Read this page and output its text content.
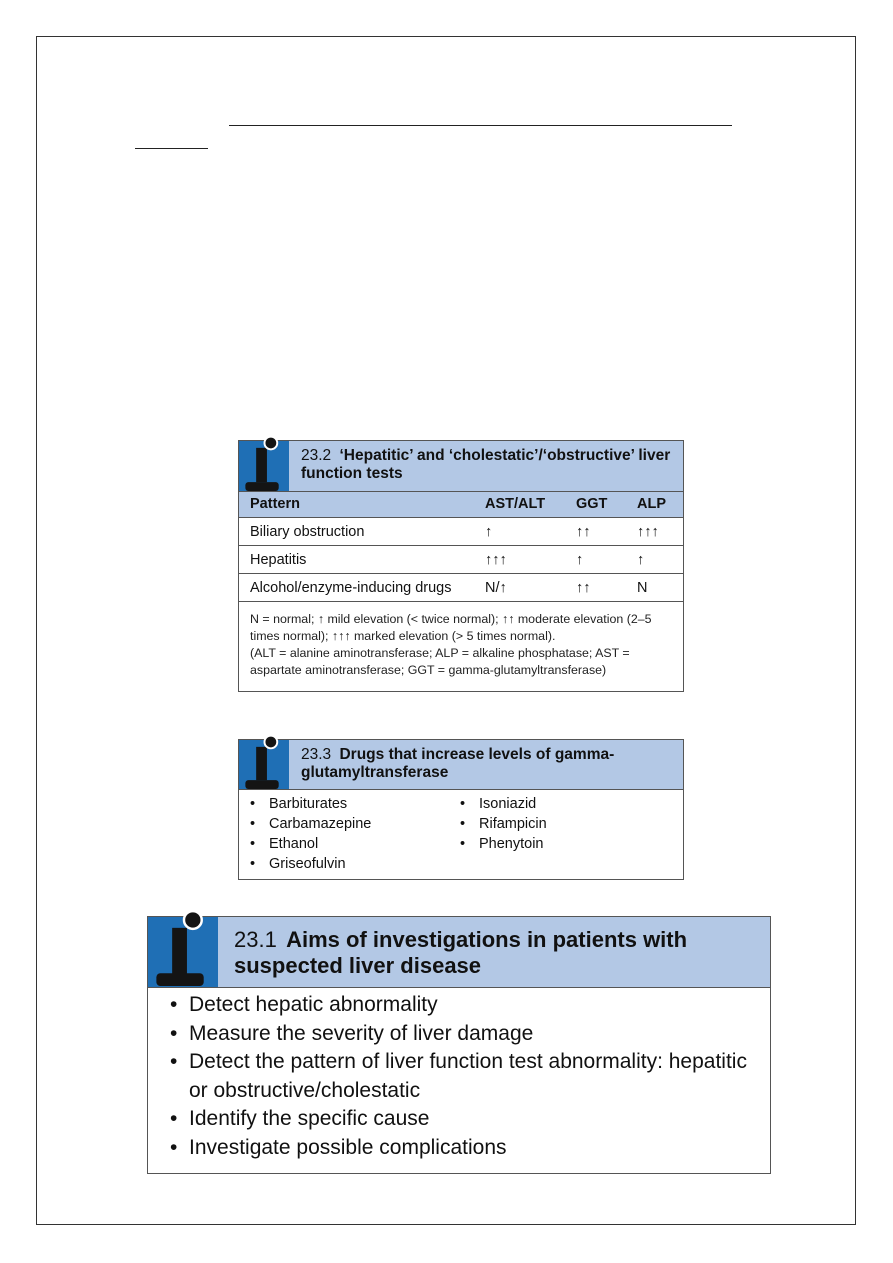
23.2 ‘Hepatitic’ and ‘cholestatic’/‘obstructive’ liver function tests
Pattern	AST/ALT	GGT	ALP
Biliary obstruction	↑	↑↑	↑↑↑
Hepatitis	↑↑↑	↑	↑
Alcohol/enzyme-inducing drugs	N/↑	↑↑	N
N = normal; ↑ mild elevation (< twice normal); ↑↑ moderate elevation (2–5 times normal); ↑↑↑ marked elevation (> 5 times normal).
(ALT = alanine aminotransferase; ALP = alkaline phosphatase; AST = aspartate aminotransferase; GGT = gamma-glutamyltransferase)
23.3 Drugs that increase levels of gamma-glutamyltransferase
• Barbiturates
• Carbamazepine
• Ethanol
• Griseofulvin
• Isoniazid
• Rifampicin
• Phenytoin
23.1 Aims of investigations in patients with suspected liver disease
• Detect hepatic abnormality
• Measure the severity of liver damage
• Detect the pattern of liver function test abnormality: hepatitic or obstructive/cholestatic
• Identify the specific cause
• Investigate possible complications
